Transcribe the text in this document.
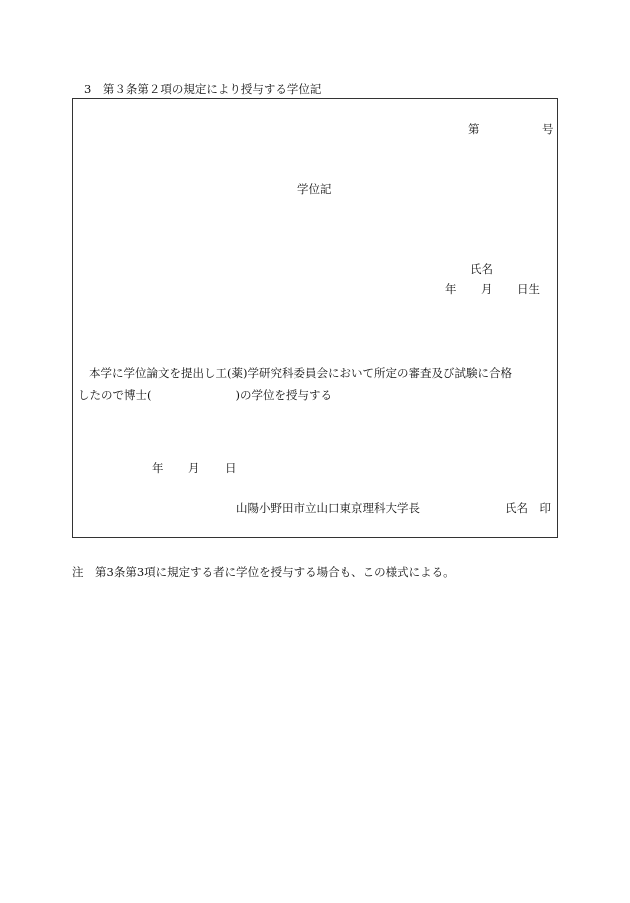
3　第３条第２項の規定により授与する学位記
第	号
学位記
氏名
年 月 日生
本学に学位論文を提出し工(薬)学研究科委員会において所定の審査及び試験に合格
したので博士(	)の学位を授与する
年 月 日
山陽小野田市立山口東京理科大学長	氏名　印
注　第3条第3項に規定する者に学位を授与する場合も、この様式による。
